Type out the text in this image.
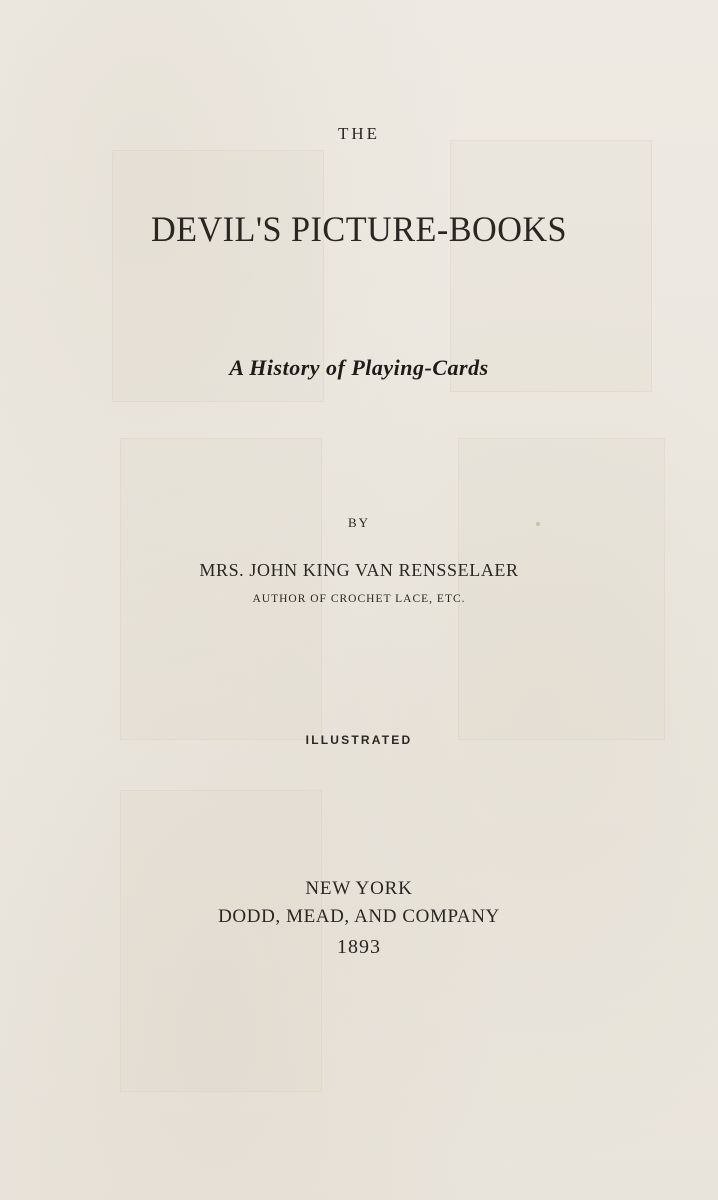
THE

DEVIL'S PICTURE-BOOKS

A History of Playing-Cards

BY

MRS. JOHN KING VAN RENSSELAER

AUTHOR OF CROCHET LACE, ETC.

ILLUSTRATED

NEW YORK

DODD, MEAD, AND COMPANY

1893
